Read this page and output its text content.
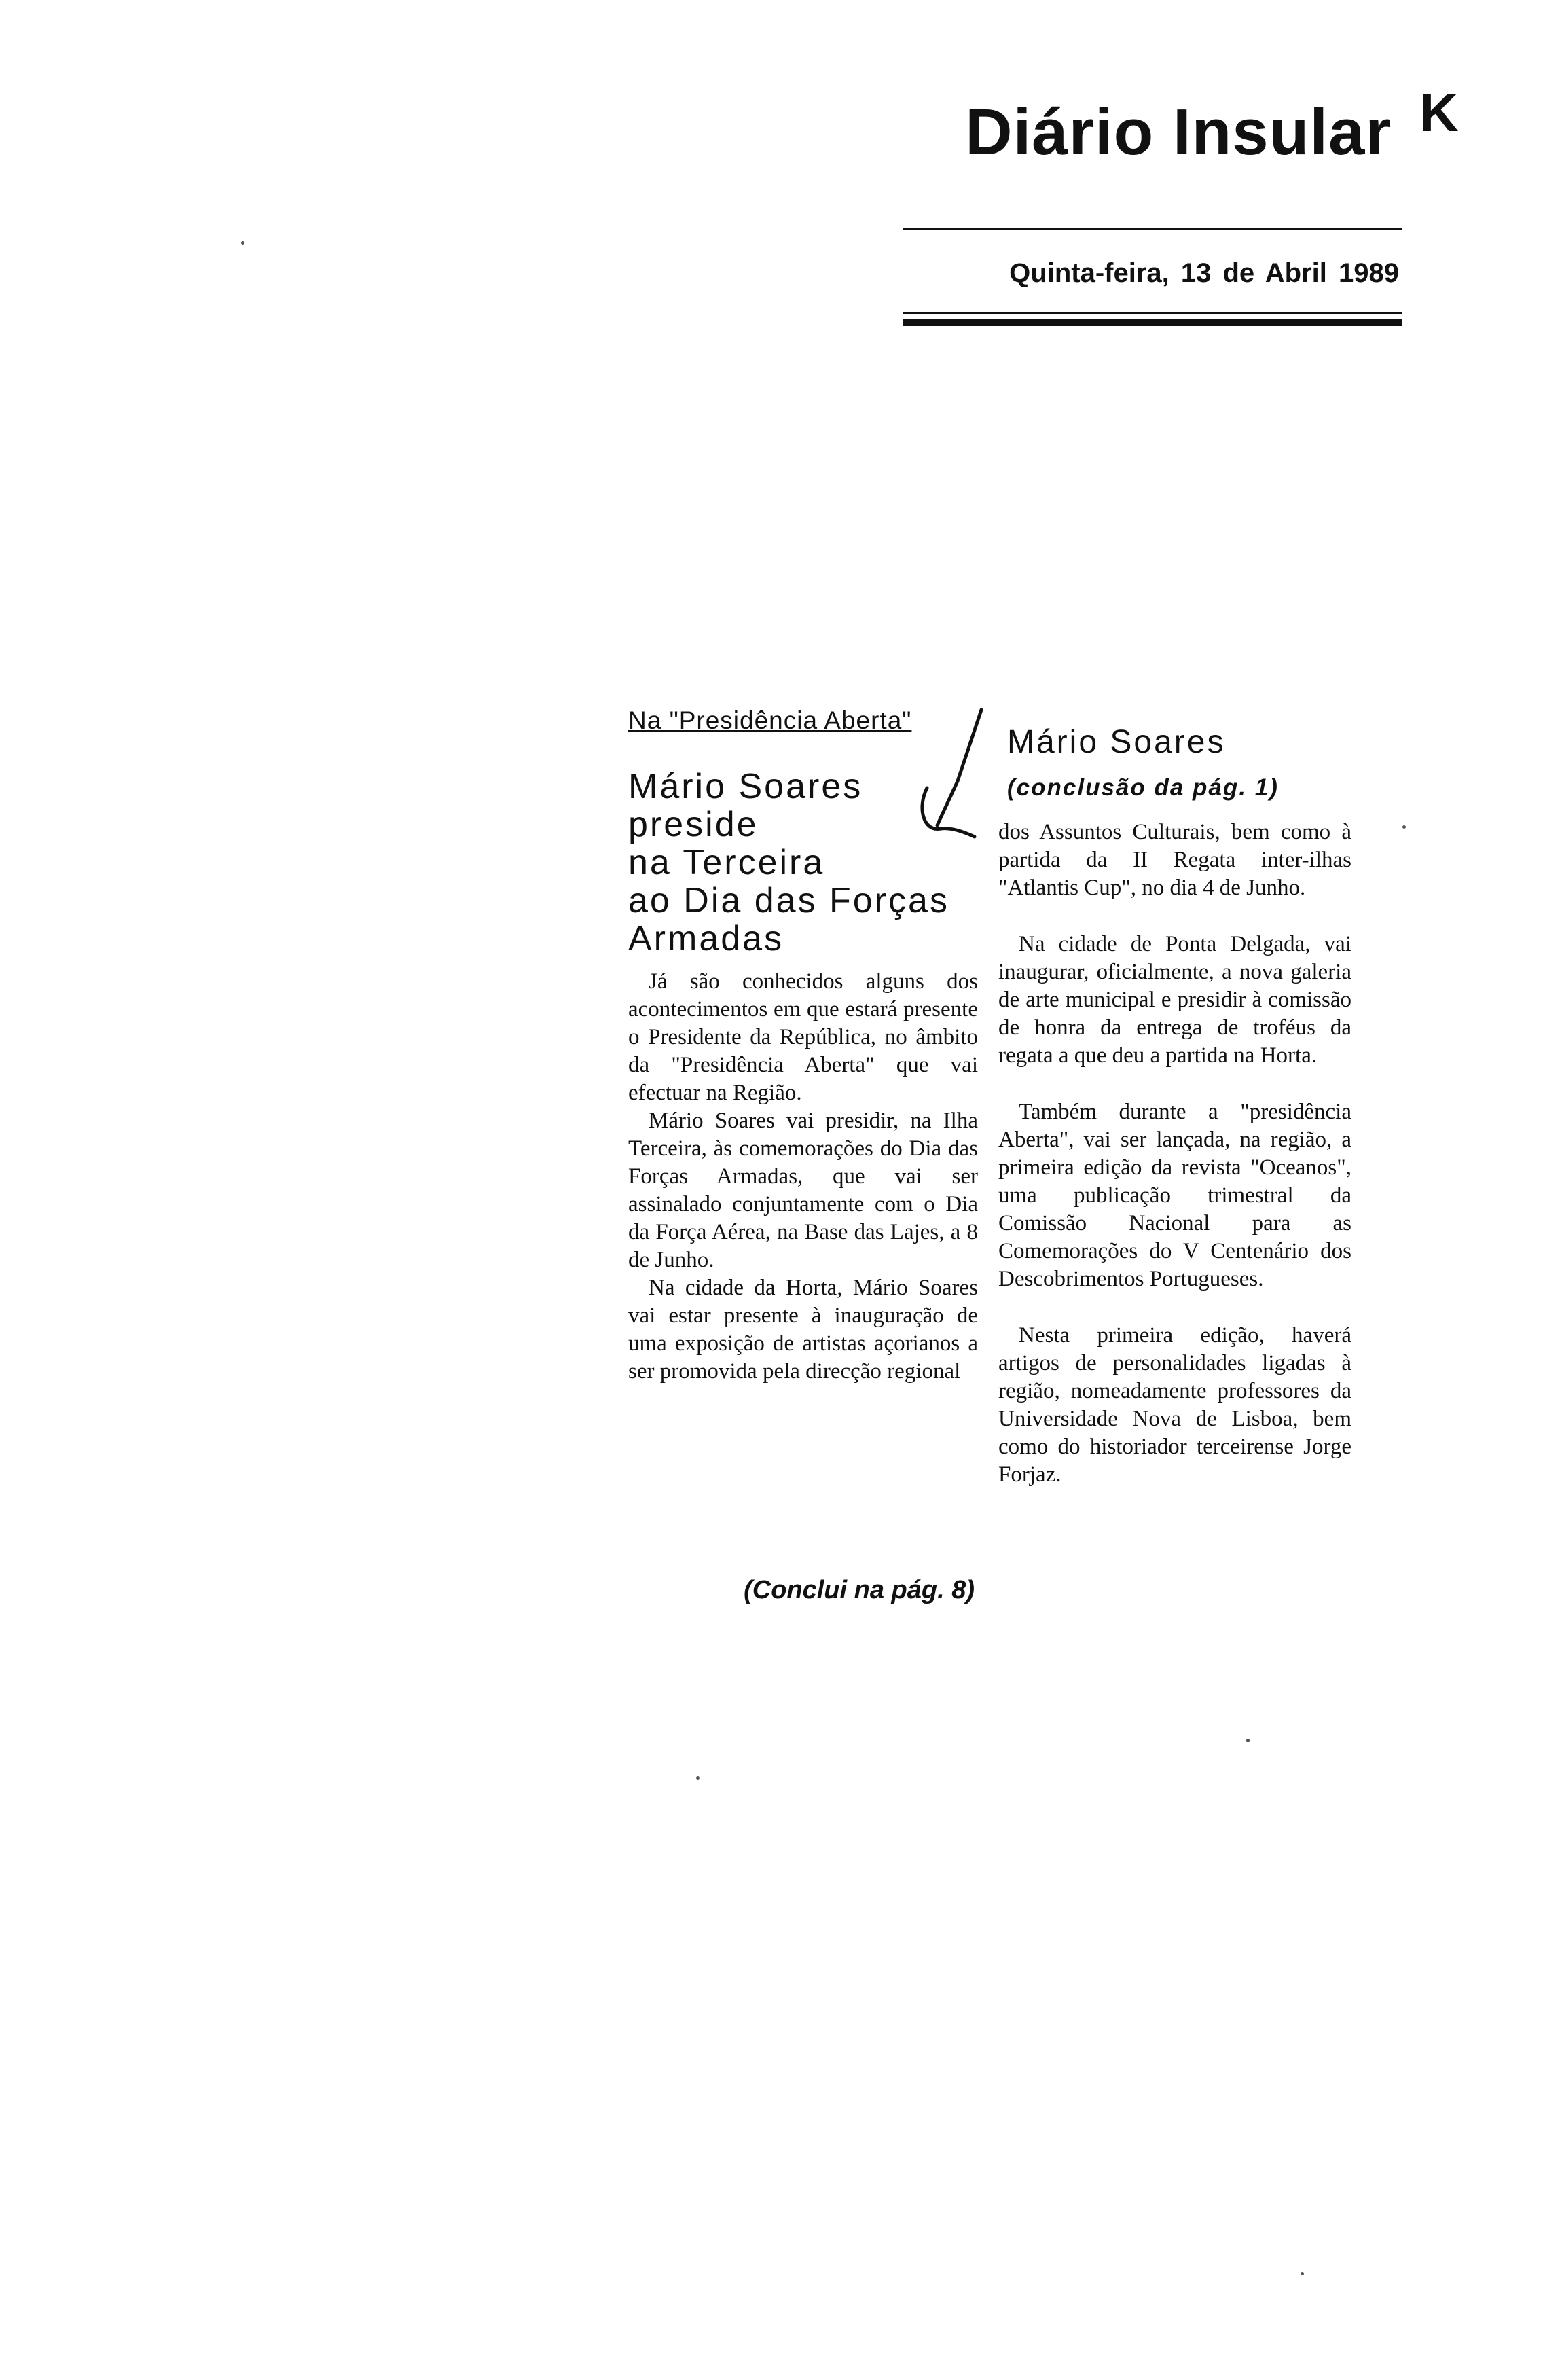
Diário Insular K
Quinta-feira, 13 de Abril 1989
Na "Presidência Aberta"
Mário Soares
preside
na Terceira
ao Dia das Forças
Armadas

Já são conhecidos alguns dos acontecimentos em que estará presente o Presidente da República, no âmbito da "Presidência Aberta" que vai efectuar na Região.

Mário Soares vai presidir, na Ilha Terceira, às comemorações do Dia das Forças Armadas, que vai ser assinalado conjuntamente com o Dia da Força Aérea, na Base das Lajes, a 8 de Junho.

Na cidade da Horta, Mário Soares vai estar presente à inauguração de uma exposição de artistas açorianos a ser promovida pela direcção regional

(Conclui na pág. 8)
Mário Soares
(conclusão da pág. 1)

dos Assuntos Culturais, bem como à partida da II Regata inter-ilhas "Atlantis Cup", no dia 4 de Junho.

Na cidade de Ponta Delgada, vai inaugurar, oficialmente, a nova galeria de arte municipal e presidir à comissão de honra da entrega de troféus da regata a que deu a partida na Horta.

Também durante a "presidência Aberta", vai ser lançada, na região, a primeira edição da revista "Oceanos", uma publicação trimestral da Comissão Nacional para as Comemorações do V Centenário dos Descobrimentos Portugueses.

Nesta primeira edição, haverá artigos de personalidades ligadas à região, nomeadamente professores da Universidade Nova de Lisboa, bem como do historiador terceirense Jorge Forjaz.
